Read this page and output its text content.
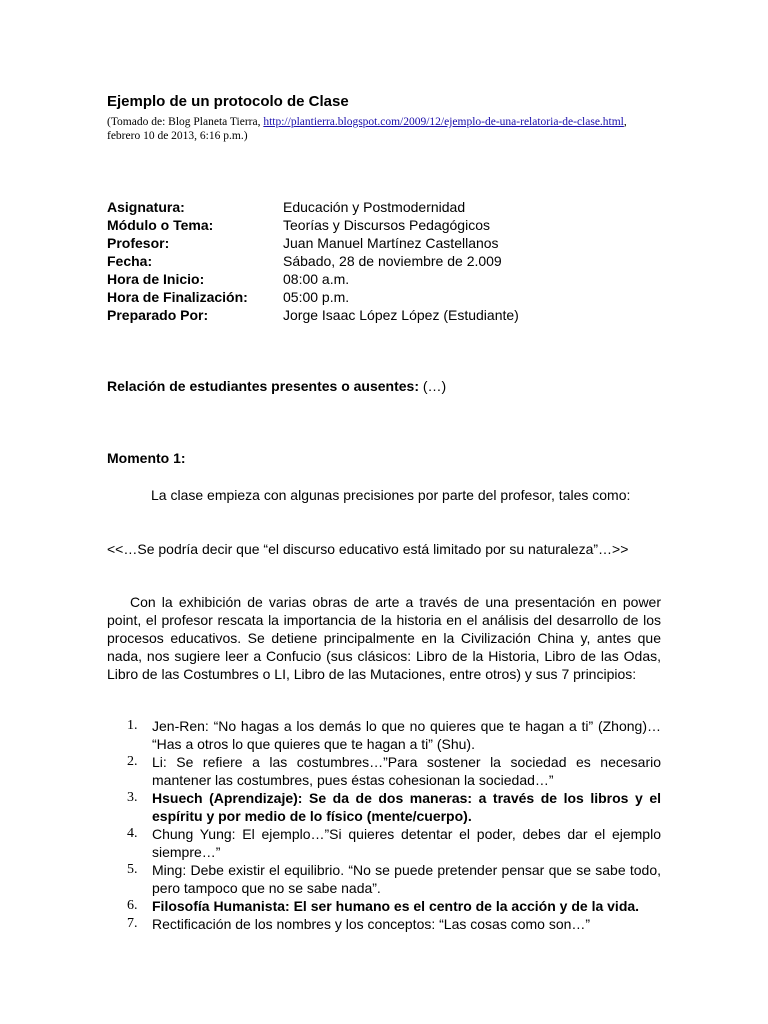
Ejemplo de un protocolo de Clase
(Tomado de: Blog Planeta Tierra, http://plantierra.blogspot.com/2009/12/ejemplo-de-una-relatoria-de-clase.html, febrero 10 de 2013, 6:16 p.m.)
Asignatura:	Educación y Postmodernidad
Módulo o Tema:	Teorías y Discursos Pedagógicos
Profesor:	Juan Manuel Martínez Castellanos
Fecha:	Sábado, 28 de noviembre de 2.009
Hora de Inicio:	08:00 a.m.
Hora de Finalización:	05:00 p.m.
Preparado Por:	Jorge Isaac López López (Estudiante)
Relación de estudiantes presentes o ausentes: (…)
Momento 1:
La clase empieza con algunas precisiones por parte del profesor, tales como:
<<…Se podría decir que “el discurso educativo está limitado por su naturaleza”…>>
Con la exhibición de varias obras de arte a través de una presentación en power point, el profesor rescata la importancia de la historia en el análisis del desarrollo de los procesos educativos. Se detiene principalmente en la Civilización China y, antes que nada, nos sugiere leer a Confucio (sus clásicos: Libro de la Historia, Libro de las Odas, Libro de las Costumbres o LI, Libro de las Mutaciones, entre otros) y sus 7 principios:
1.	Jen-Ren: “No hagas a los demás lo que no quieres que te hagan a ti” (Zhong)… “Has a otros lo que quieres que te hagan a ti” (Shu).
2.	Li: Se refiere a las costumbres…”Para sostener la sociedad es necesario mantener las costumbres, pues éstas cohesionan la sociedad…”
3.	Hsuech (Aprendizaje): Se da de dos maneras: a través de los libros y el espíritu y por medio de lo físico (mente/cuerpo).
4.	Chung Yung: El ejemplo…”Si quieres detentar el poder, debes dar el ejemplo siempre…”
5.	Ming: Debe existir el equilibrio. “No se puede pretender pensar que se sabe todo, pero tampoco que no se sabe nada”.
6.	Filosofía Humanista: El ser humano es el centro de la acción y de la vida.
7.	Rectificación de los nombres y los conceptos: “Las cosas como son…”
